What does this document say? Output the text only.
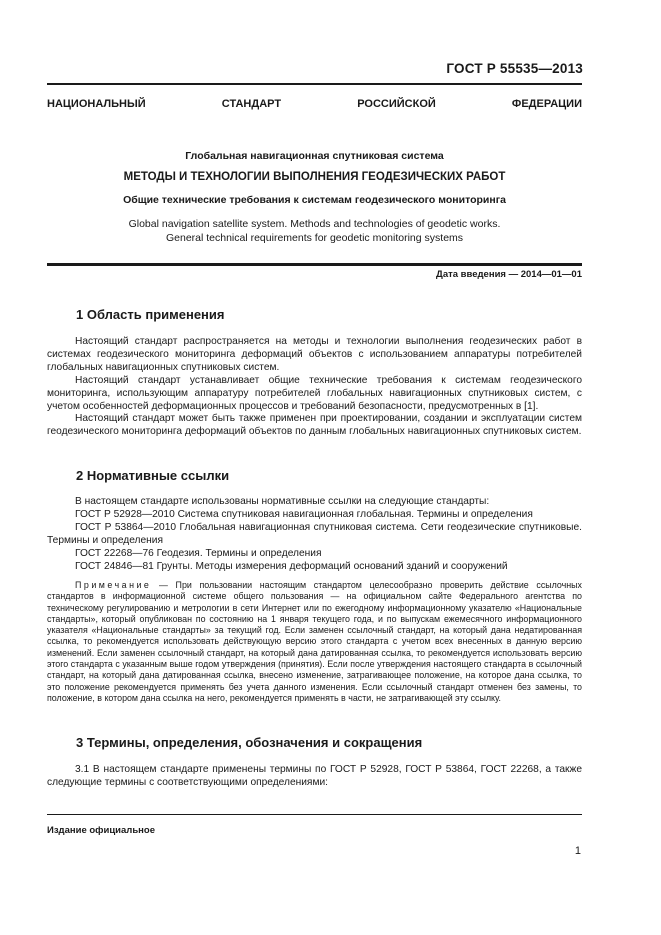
ГОСТ Р 55535—2013
НАЦИОНАЛЬНЫЙ СТАНДАРТ РОССИЙСКОЙ ФЕДЕРАЦИИ
Глобальная навигационная спутниковая система
МЕТОДЫ И ТЕХНОЛОГИИ ВЫПОЛНЕНИЯ ГЕОДЕЗИЧЕСКИХ РАБОТ
Общие технические требования к системам геодезического мониторинга
Global navigation satellite system. Methods and technologies of geodetic works.
General technical requirements for geodetic monitoring systems
Дата введения — 2014—01—01
1 Область применения

Настоящий стандарт распространяется на методы и технологии выполнения геодезических работ в системах геодезического мониторинга деформаций объектов с использованием аппаратуры потребителей глобальных навигационных спутниковых систем.

Настоящий стандарт устанавливает общие технические требования к системам геодезического мониторинга, использующим аппаратуру потребителей глобальных навигационных спутниковых систем, с учетом особенностей деформационных процессов и требований безопасности, предусмотренных в [1].

Настоящий стандарт может быть также применен при проектировании, создании и эксплуатации систем геодезического мониторинга деформаций объектов по данным глобальных навигационных спутниковых систем.

2 Нормативные ссылки

В настоящем стандарте использованы нормативные ссылки на следующие стандарты:

ГОСТ Р 52928—2010 Система спутниковая навигационная глобальная. Термины и определения

ГОСТ Р 53864—2010 Глобальная навигационная спутниковая система. Сети геодезические спутниковые. Термины и определения

ГОСТ 22268—76 Геодезия. Термины и определения

ГОСТ 24846—81 Грунты. Методы измерения деформаций оснований зданий и сооружений

Примечание — При пользовании настоящим стандартом целесообразно проверить действие ссылочных стандартов в информационной системе общего пользования — на официальном сайте Федерального агентства по техническому регулированию и метрологии в сети Интернет или по ежегодному информационному указателю «Национальные стандарты», который опубликован по состоянию на 1 января текущего года, и по выпускам ежемесячного информационного указателя «Национальные стандарты» за текущий год. Если заменен ссылочный стандарт, на который дана недатированная ссылка, то рекомендуется использовать действующую версию этого стандарта с учетом всех внесенных в данную версию изменений. Если заменен ссылочный стандарт, на который дана датированная ссылка, то рекомендуется использовать версию этого стандарта с указанным выше годом утверждения (принятия). Если после утверждения настоящего стандарта в ссылочный стандарт, на который дана датированная ссылка, внесено изменение, затрагивающее положение, на которое дана ссылка, то это положение рекомендуется применять без учета данного изменения. Если ссылочный стандарт отменен без замены, то положение, в котором дана ссылка на него, рекомендуется применять в части, не затрагивающей эту ссылку.

3 Термины, определения, обозначения и сокращения

3.1 В настоящем стандарте применены термины по ГОСТ Р 52928, ГОСТ Р 53864, ГОСТ 22268, а также следующие термины с соответствующими определениями:

Издание официальное
1
